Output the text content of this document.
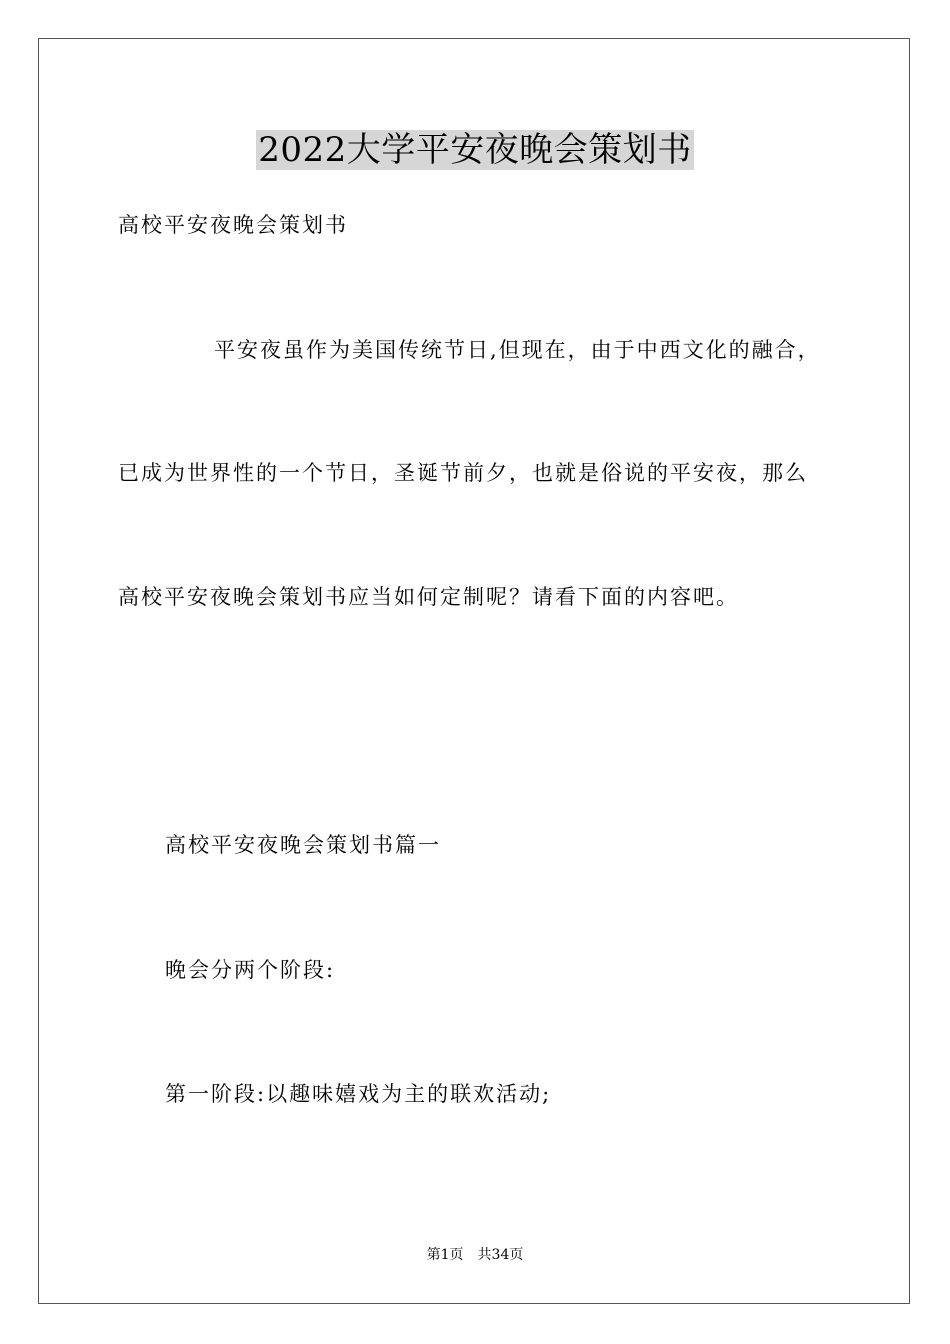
2022大学平安夜晚会策划书
高校平安夜晚会策划书
平安夜虽作为美国传统节日,但现在，由于中西文化的融合，
已成为世界性的一个节日，圣诞节前夕，也就是俗说的平安夜，那么
高校平安夜晚会策划书应当如何定制呢？请看下面的内容吧。
高校平安夜晚会策划书篇一
晚会分两个阶段:
第一阶段:以趣味嬉戏为主的联欢活动;
第1页 共34页
